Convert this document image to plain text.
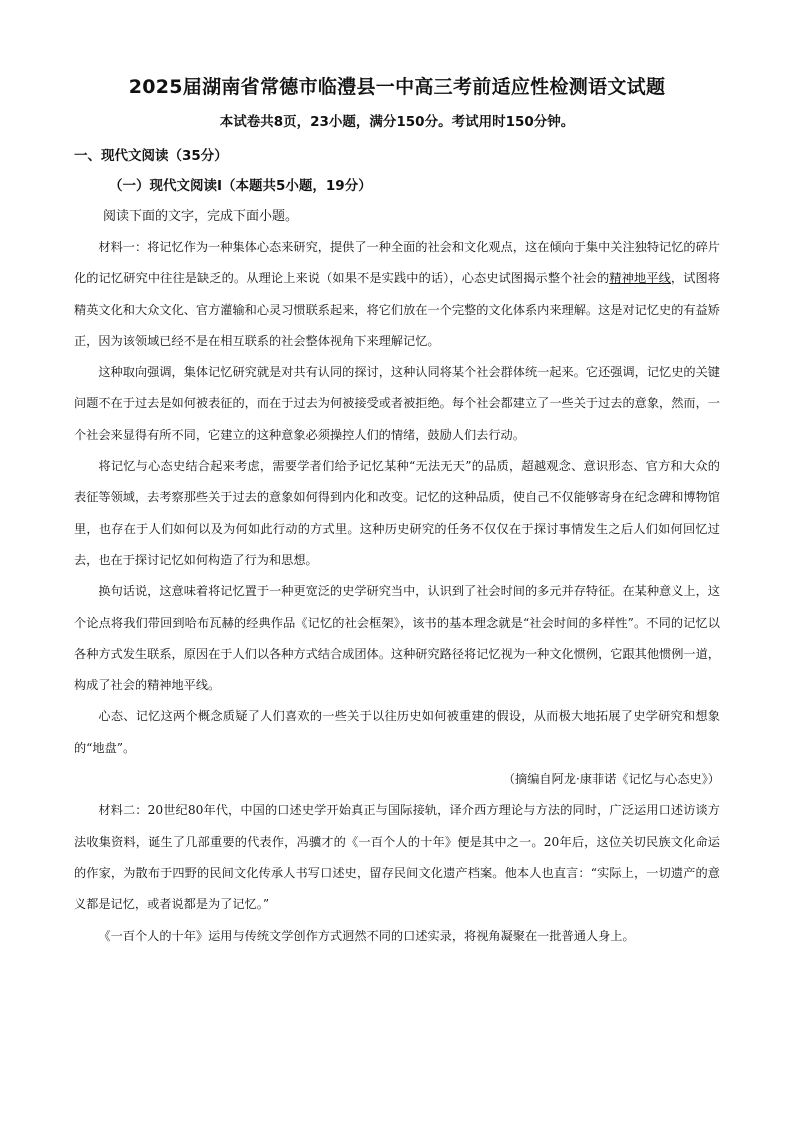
2025届湖南省常德市临澧县一中高三考前适应性检测语文试题
本试卷共8页，23小题，满分150分。考试用时150分钟。
一、现代文阅读（35分）
（一）现代文阅读Ⅰ（本题共5小题，19分）
阅读下面的文字，完成下面小题。

材料一：将记忆作为一种集体心态来研究，提供了一种全面的社会和文化观点，这在倾向于集中关注独特记忆的碎片化的记忆研究中往往是缺乏的。从理论上来说（如果不是实践中的话），心态史试图揭示整个社会的精神地平线，试图将精英文化和大众文化、官方灌输和心灵习惯联系起来，将它们放在一个完整的文化体系内来理解。这是对记忆史的有益矫正，因为该领域已经不是在相互联系的社会整体视角下来理解记忆。

这种取向强调，集体记忆研究就是对共有认同的探讨，这种认同将某个社会群体统一起来。它还强调，记忆史的关键问题不在于过去是如何被表征的，而在于过去为何被接受或者被拒绝。每个社会都建立了一些关于过去的意象，然而，一个社会来显得有所不同，它建立的这种意象必须操控人们的情绪，鼓励人们去行动。

将记忆与心态史结合起来考虑，需要学者们给予记忆某种“无法无天”的品质，超越观念、意识形态、官方和大众的表征等领域，去考察那些关于过去的意象如何得到内化和改变。记忆的这种品质，使自己不仅能够寄身在纪念碑和博物馆里，也存在于人们如何以及为何如此行动的方式里。这种历史研究的任务不仅仅在于探讨事情发生之后人们如何回忆过去，也在于探讨记忆如何构造了行为和思想。

换句话说，这意味着将记忆置于一种更宽泛的史学研究当中，认识到了社会时间的多元并存特征。在某种意义上，这个论点将我们带回到哈布瓦赫的经典作品《记忆的社会框架》，该书的基本理念就是“社会时间的多样性”。不同的记忆以各种方式发生联系，原因在于人们以各种方式结合成团体。这种研究路径将记忆视为一种文化惯例，它跟其他惯例一道，构成了社会的精神地平线。

心态、记忆这两个概念质疑了人们喜欢的一些关于以往历史如何被重建的假设，从而极大地拓展了史学研究和想象的“地盘”。

（摘编自阿龙·康菲诺《记忆与心态史》）

材料二：20世纪80年代，中国的口述史学开始真正与国际接轨，译介西方理论与方法的同时，广泛运用口述访谈方法收集资料，诞生了几部重要的代表作，冯骥才的《一百个人的十年》便是其中之一。20年后，这位关切民族文化命运的作家，为散布于四野的民间文化传承人书写口述史，留存民间文化遗产档案。他本人也直言：“实际上，一切遗产的意义都是记忆，或者说都是为了记忆。”

《一百个人的十年》运用与传统文学创作方式迥然不同的口述实录，将视角凝聚在一批普通人身上。
